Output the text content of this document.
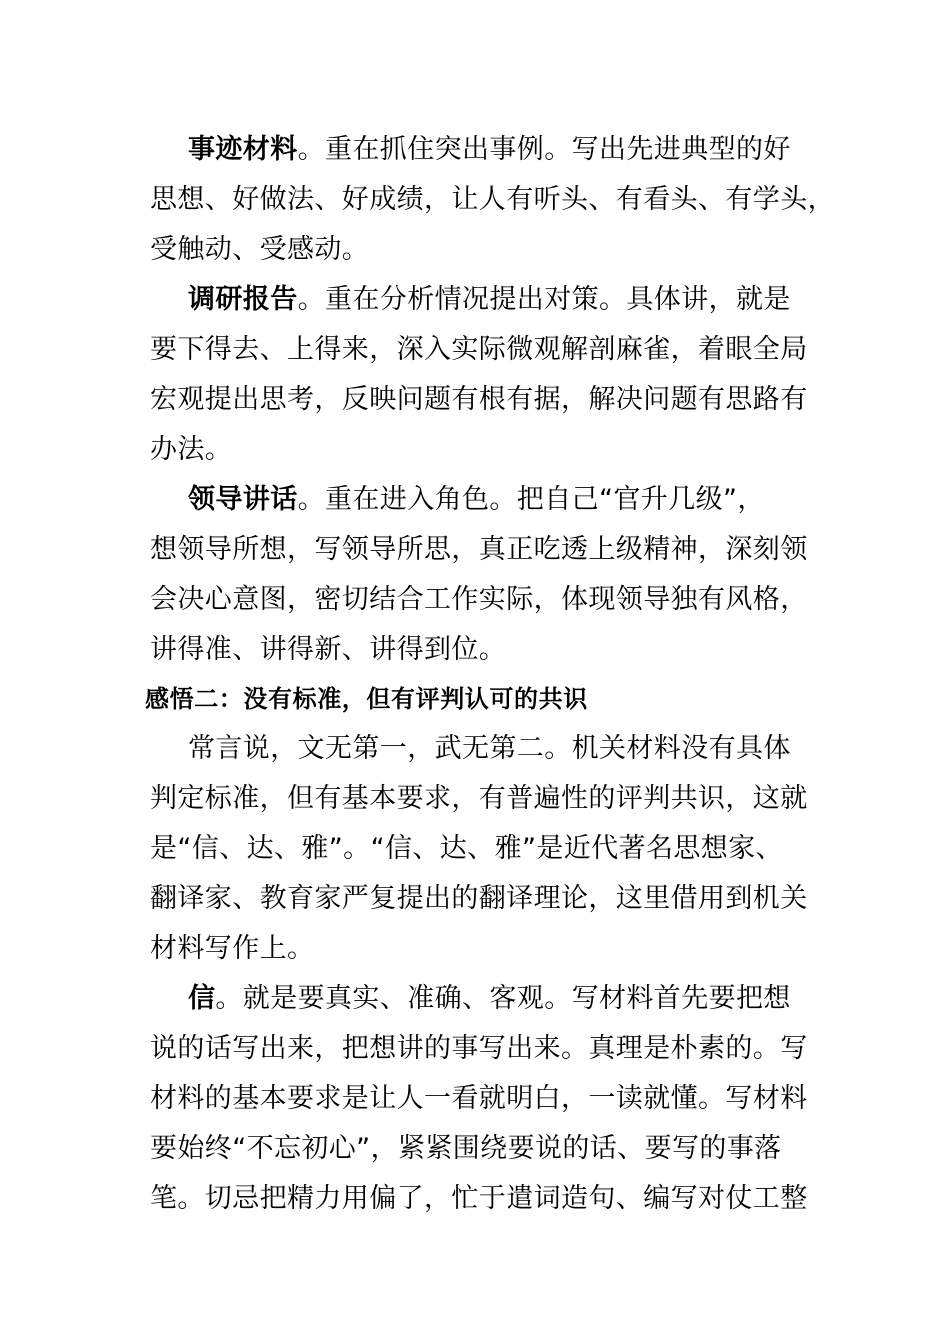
事迹材料。重在抓住突出事例。写出先进典型的好
思想、好做法、好成绩，让人有听头、有看头、有学头，
受触动、受感动。
调研报告。重在分析情况提出对策。具体讲，就是
要下得去、上得来，深入实际微观解剖麻雀，着眼全局
宏观提出思考，反映问题有根有据，解决问题有思路有
办法。
领导讲话。重在进入角色。把自己“官升几级”，
想领导所想，写领导所思，真正吃透上级精神，深刻领
会决心意图，密切结合工作实际，体现领导独有风格，
讲得准、讲得新、讲得到位。
感悟二：没有标准，但有评判认可的共识
常言说，文无第一，武无第二。机关材料没有具体
判定标准，但有基本要求，有普遍性的评判共识，这就
是“信、达、雅”。“信、达、雅”是近代著名思想家、
翻译家、教育家严复提出的翻译理论，这里借用到机关
材料写作上。
信。就是要真实、准确、客观。写材料首先要把想
说的话写出来，把想讲的事写出来。真理是朴素的。写
材料的基本要求是让人一看就明白，一读就懂。写材料
要始终“不忘初心”，紧紧围绕要说的话、要写的事落
笔。切忌把精力用偏了，忙于遣词造句、编写对仗工整
